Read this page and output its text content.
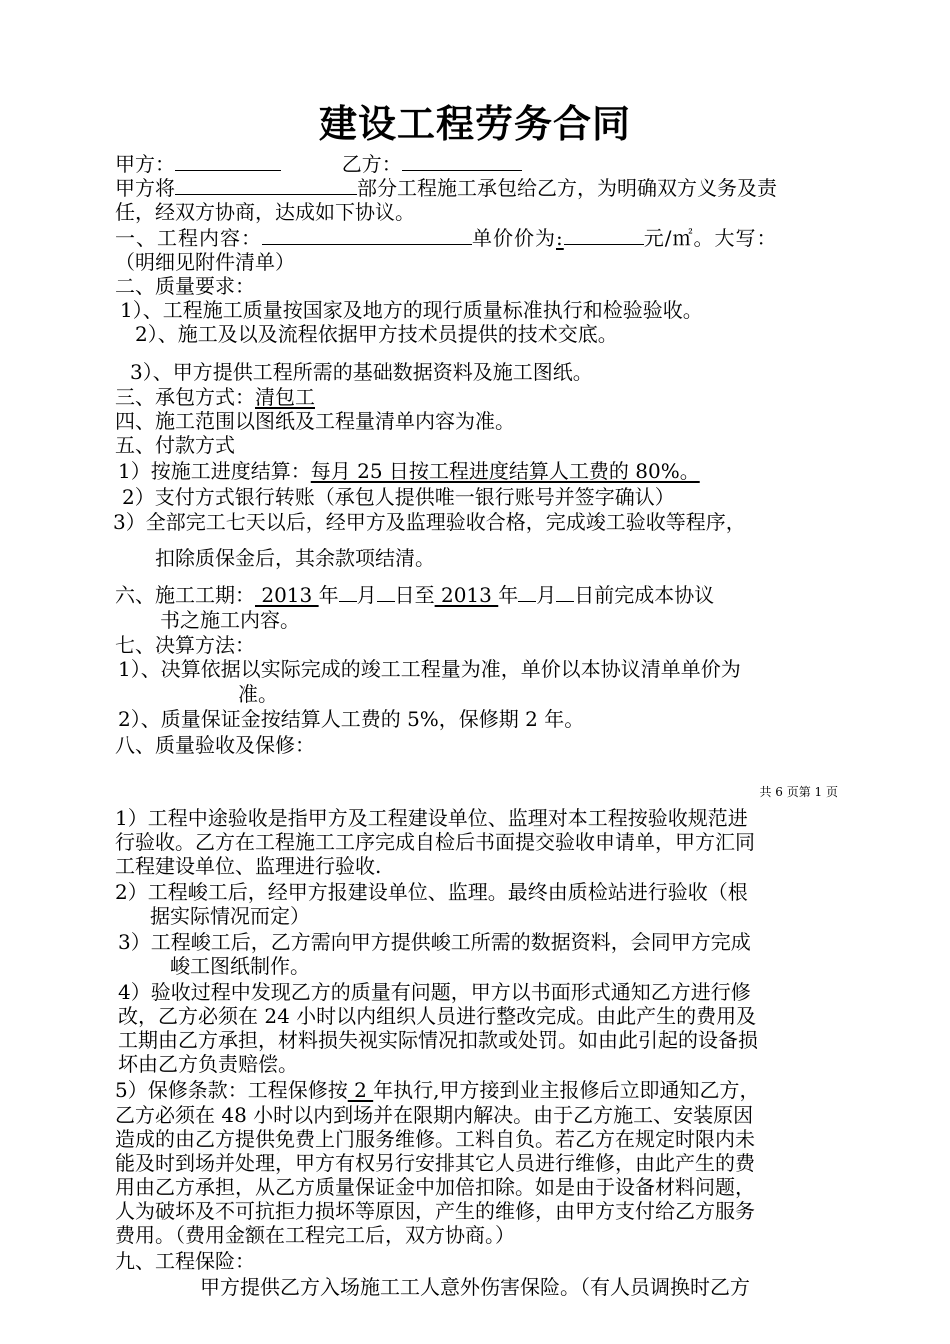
建设工程劳务合同
甲方：	乙方：
甲方将	部分工程施工承包给乙方，为明确双方义务及责
任，经双方协商，达成如下协议。
一、工程内容：	单价价为:	元/㎡。大写：
（明细见附件清单）
二、质量要求：
1）、工程施工质量按国家及地方的现行质量标准执行和检验验收。
2）、施工及以及流程依据甲方技术员提供的技术交底。
3）、甲方提供工程所需的基础数据资料及施工图纸。
三、承包方式：清包工
四、施工范围以图纸及工程量清单内容为准。
五、付款方式
1）按施工进度结算：每月 25 日按工程进度结算人工费的 80%。
2）支付方式银行转账（承包人提供唯一银行账号并签字确认）
3）全部完工七天以后，经甲方及监理验收合格，完成竣工验收等程序，
扣除质保金后，其余款项结清。
六、施工工期： 2013 年 月 日至 2013 年 月 日前完成本协议
书之施工内容。
七、决算方法：
1）、决算依据以实际完成的竣工工程量为准，单价以本协议清单单价为
准。
2）、质量保证金按结算人工费的 5%，保修期 2 年。
八、质量验收及保修：
共 6 页第 1 页
1）工程中途验收是指甲方及工程建设单位、监理对本工程按验收规范进
行验收。乙方在工程施工工序完成自检后书面提交验收申请单，甲方汇同
工程建设单位、监理进行验收.
2）工程峻工后，经甲方报建设单位、监理。最终由质检站进行验收（根
据实际情况而定）
3）工程峻工后，乙方需向甲方提供峻工所需的数据资料，会同甲方完成
峻工图纸制作。
4）验收过程中发现乙方的质量有问题，甲方以书面形式通知乙方进行修
改，乙方必须在 24 小时以内组织人员进行整改完成。由此产生的费用及
工期由乙方承担，材料损失视实际情况扣款或处罚。如由此引起的设备损
坏由乙方负责赔偿。
5）保修条款：工程保修按 2 年执行,甲方接到业主报修后立即通知乙方，
乙方必须在 48 小时以内到场并在限期内解决。由于乙方施工、安装原因
造成的由乙方提供免费上门服务维修。工料自负。若乙方在规定时限内未
能及时到场并处理，甲方有权另行安排其它人员进行维修，由此产生的费
用由乙方承担，从乙方质量保证金中加倍扣除。如是由于设备材料问题，
人为破坏及不可抗拒力损坏等原因，产生的维修，由甲方支付给乙方服务
费用。（费用金额在工程完工后，双方协商。）
九、工程保险：
甲方提供乙方入场施工工人意外伤害保险。（有人员调换时乙方
